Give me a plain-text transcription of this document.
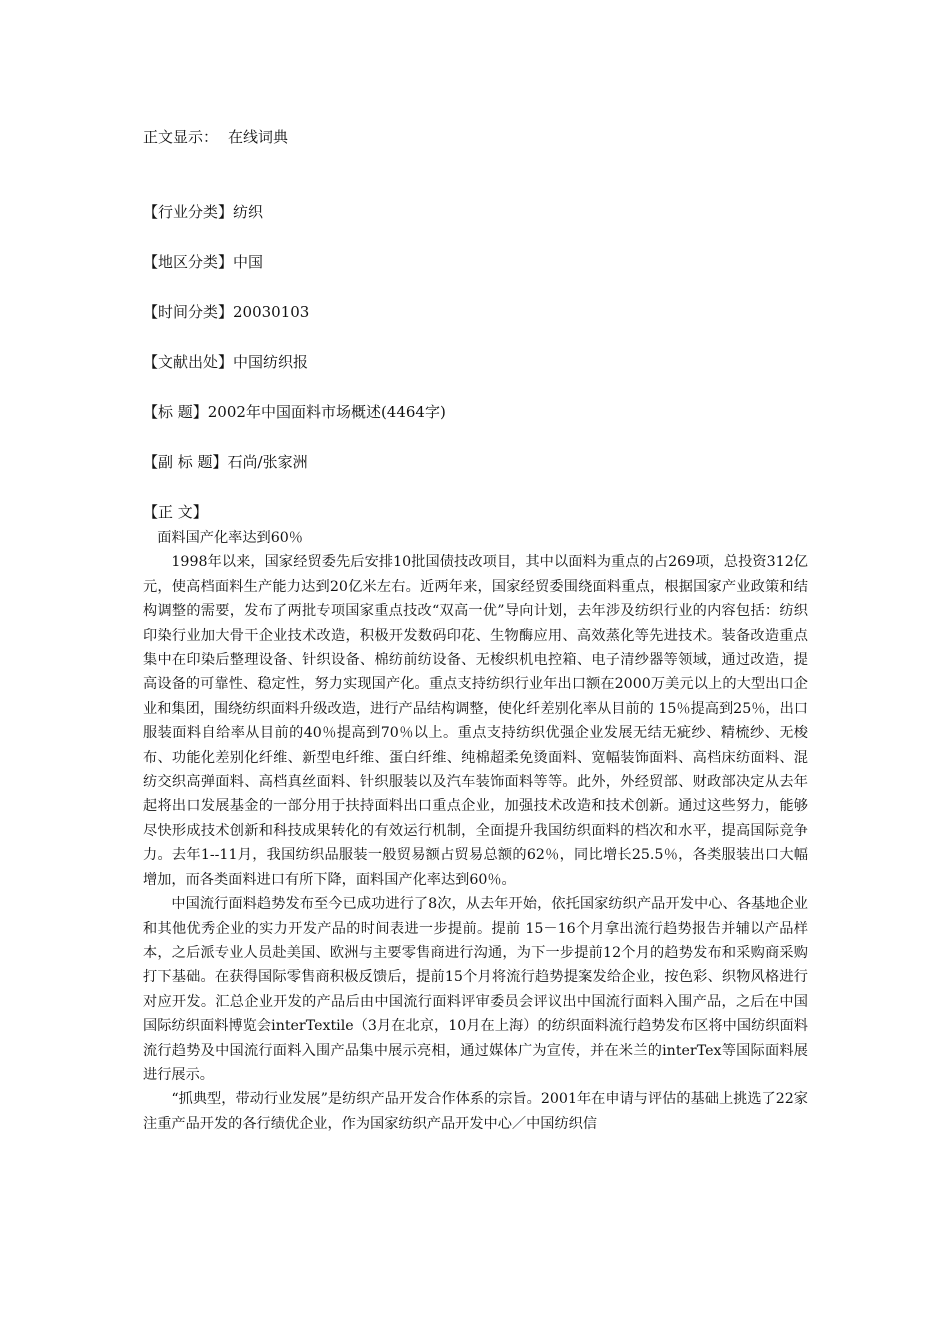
正文显示： 在线词典
【行业分类】纺织
【地区分类】中国
【时间分类】20030103
【文献出处】中国纺织报
【标 题】2002年中国面料市场概述(4464字)
【副 标 题】石尚/张家洲
【正 文】

面料国产化率达到60％

1998年以来，国家经贸委先后安排10批国债技改项目，其中以面料为重点的占269项，总投资312亿元，使高档面料生产能力达到20亿米左右。近两年来，国家经贸委围绕面料重点，根据国家产业政策和结构调整的需要，发布了两批专项国家重点技改“双高一优”导向计划，去年涉及纺织行业的内容包括：纺织印染行业加大骨干企业技术改造，积极开发数码印花、生物酶应用、高效蒸化等先进技术。装备改造重点集中在印染后整理设备、针织设备、棉纺前纺设备、无梭织机电控箱、电子清纱器等领域，通过改造，提高设备的可靠性、稳定性，努力实现国产化。重点支持纺织行业年出口额在2000万美元以上的大型出口企业和集团，围绕纺织面料升级改造，进行产品结构调整，使化纤差别化率从目前的 15％提高到25％，出口服装面料自给率从目前的40％提高到70％以上。重点支持纺织优强企业发展无结无疵纱、精梳纱、无梭布、功能化差别化纤维、新型电纤维、蛋白纤维、纯棉超柔免烫面料、宽幅装饰面料、高档床纺面料、混纺交织高弹面料、高档真丝面料、针织服装以及汽车装饰面料等等。此外，外经贸部、财政部决定从去年起将出口发展基金的一部分用于扶持面料出口重点企业，加强技术改造和技术创新。通过这些努力，能够尽快形成技术创新和科技成果转化的有效运行机制，全面提升我国纺织面料的档次和水平，提高国际竞争力。去年1--11月，我国纺织品服装一般贸易额占贸易总额的62％，同比增长25.5％，各类服装出口大幅增加，而各类面料进口有所下降，面料国产化率达到60％。

中国流行面料趋势发布至今已成功进行了8次，从去年开始，依托国家纺织产品开发中心、各基地企业和其他优秀企业的实力开发产品的时间表进一步提前。提前 15－16个月拿出流行趋势报告并辅以产品样本，之后派专业人员赴美国、欧洲与主要零售商进行沟通，为下一步提前12个月的趋势发布和采购商采购打下基础。在获得国际零售商积极反馈后，提前15个月将流行趋势提案发给企业，按色彩、织物风格进行对应开发。汇总企业开发的产品后由中国流行面料评审委员会评议出中国流行面料入围产品，之后在中国国际纺织面料博览会interTextile（3月在北京，10月在上海）的纺织面料流行趋势发布区将中国纺织面料流行趋势及中国流行面料入围产品集中展示亮相，通过媒体广为宣传，并在米兰的interTex等国际面料展进行展示。

“抓典型，带动行业发展”是纺织产品开发合作体系的宗旨。2001年在申请与评估的基础上挑选了22家注重产品开发的各行绩优企业，作为国家纺织产品开发中心／中国纺织信
